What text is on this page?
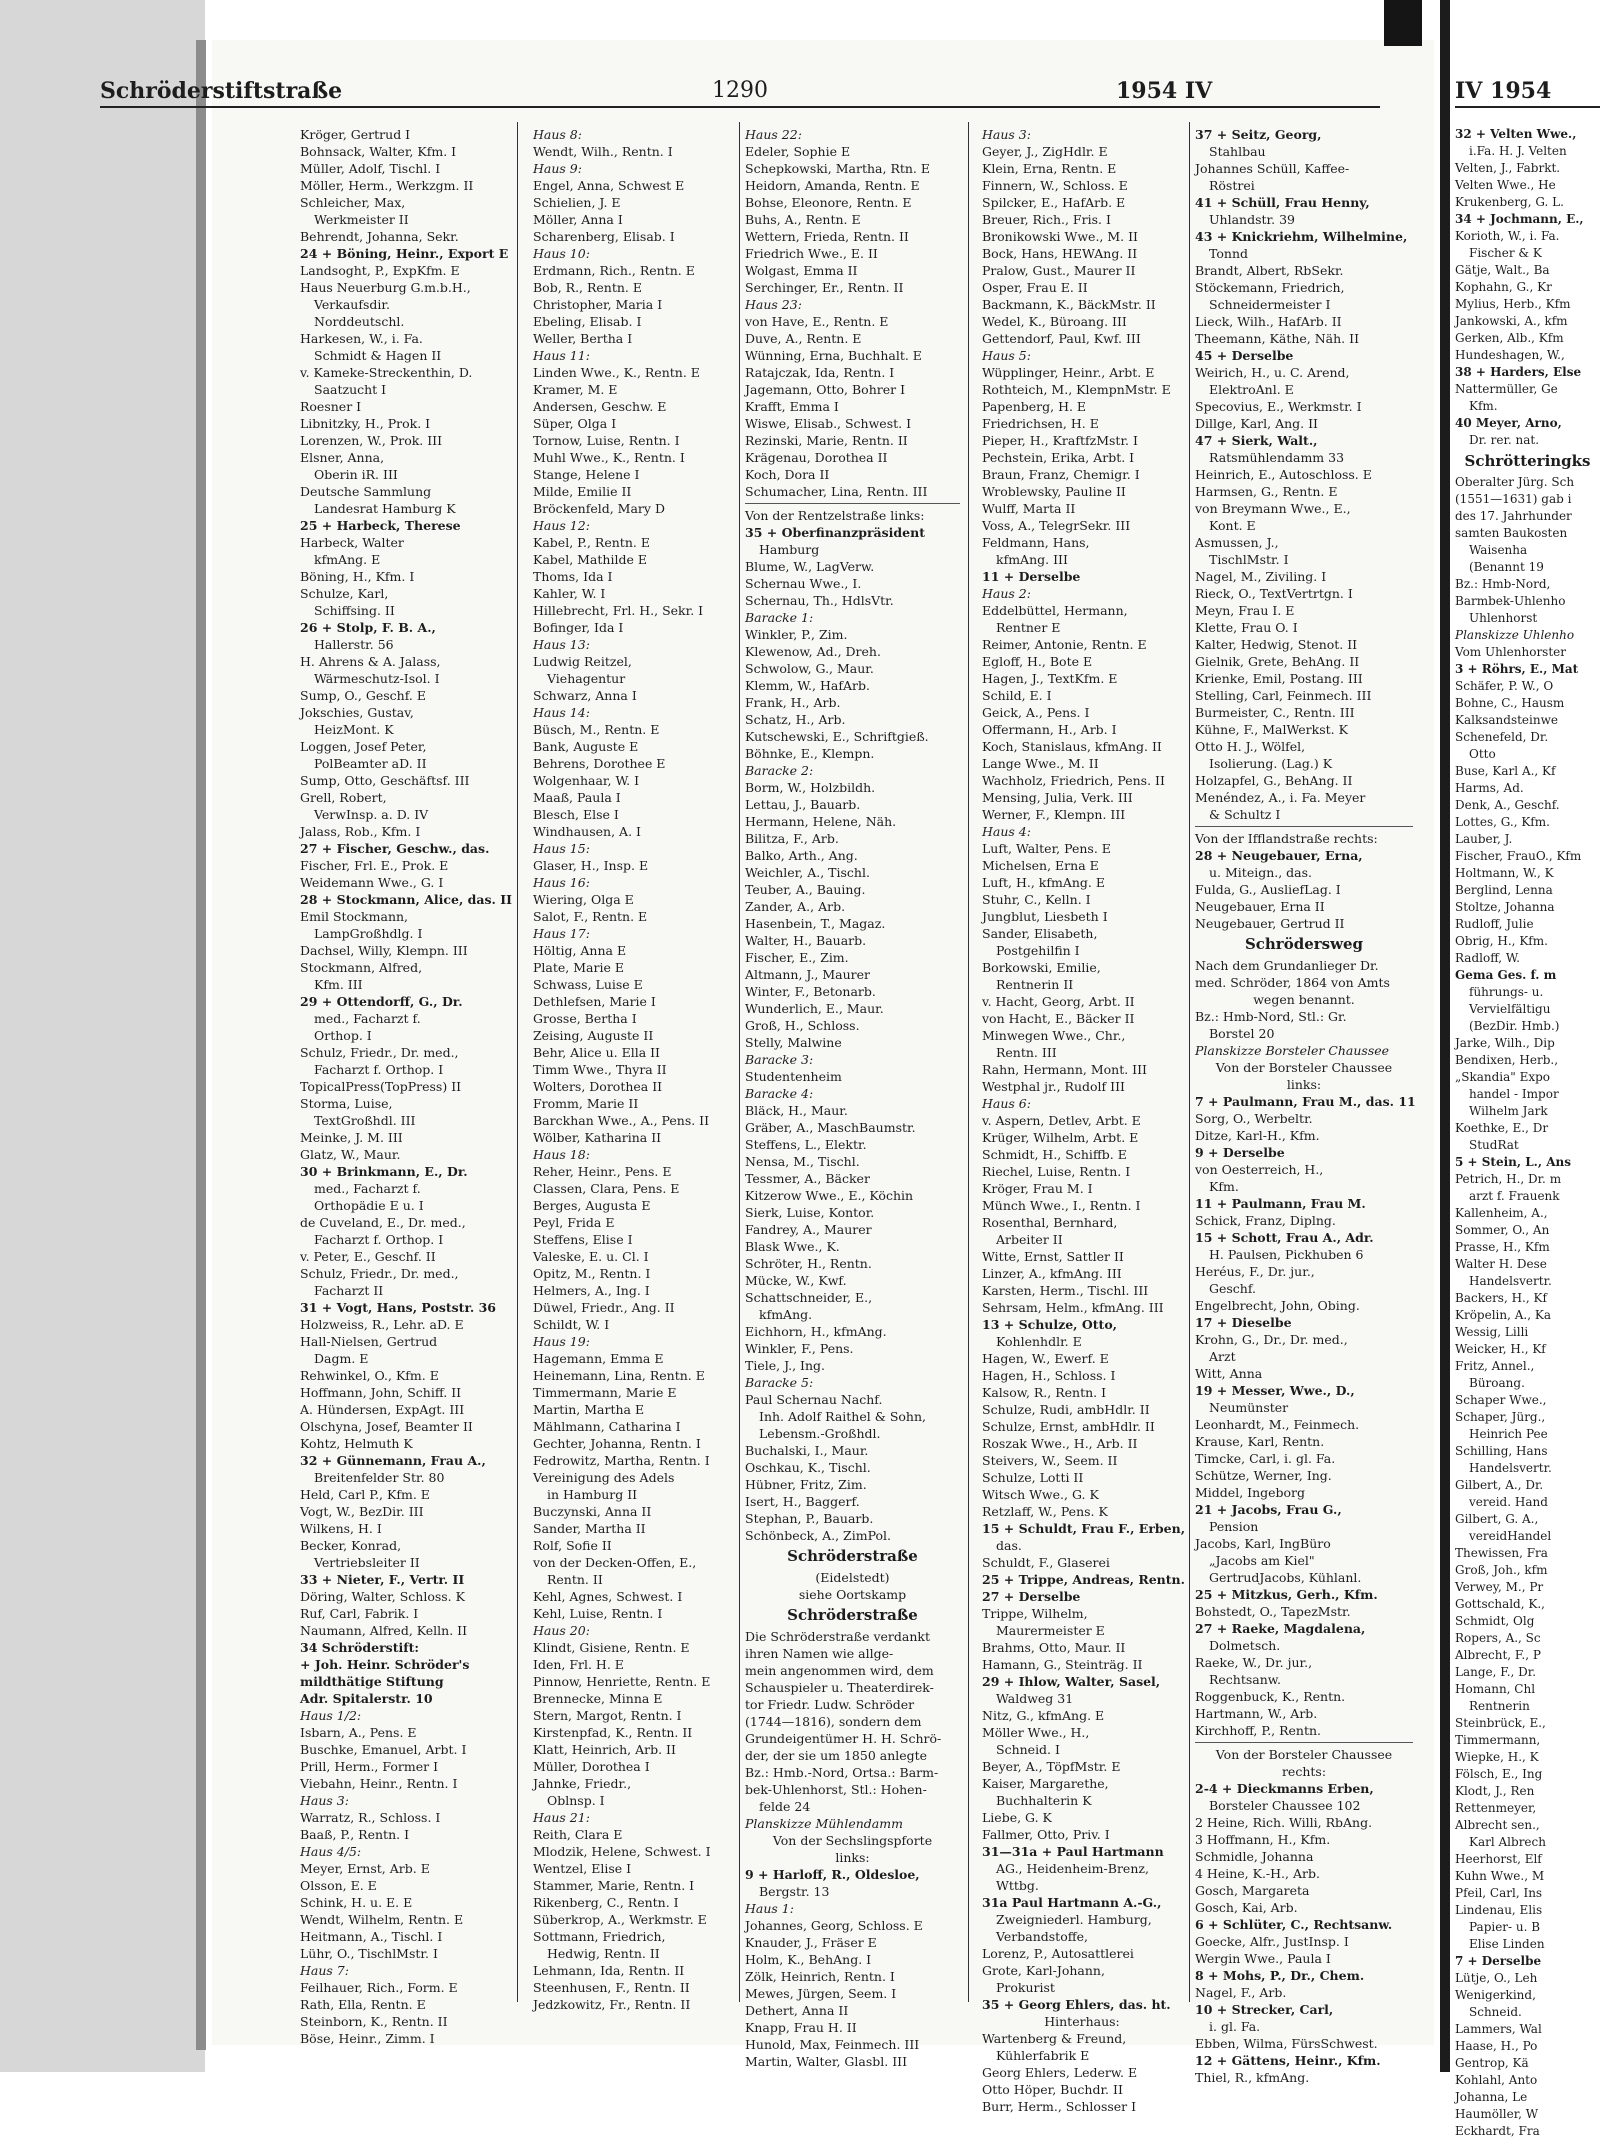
Schröderstiftstraße	1290	1954 IV	IV 1954
Kröger, Gertrud I
Bohnsack, Walter, Kfm. I
Müller, Adolf, Tischl. I
Möller, Herm., Werkzgm. II
Schleicher, Max,
Werkmeister II
Behrendt, Johanna, Sekr.
24 + Böning, Heinr., Export E
Landsoght, P., ExpKfm. E
Haus Neuerburg G.m.b.H.,
Verkaufsdir.
Norddeutschl.
Harkesen, W., i. Fa.
Schmidt & Hagen II
v. Kameke-Streckenthin, D.
Saatzucht I
Roesner I
Libnitzky, H., Prok. I
Lorenzen, W., Prok. III
Elsner, Anna,
Oberin iR. III
Deutsche Sammlung
Landesrat Hamburg K
25 + Harbeck, Therese
Harbeck, Walter
kfmAng. E
Böning, H., Kfm. I
Schulze, Karl,
Schiffsing. II
26 + Stolp, F. B. A.,
Hallerstr. 56
H. Ahrens & A. Jalass,
Wärmeschutz-Isol. I
Sump, O., Geschf. E
Jokschies, Gustav,
HeizMont. K
Loggen, Josef Peter,
PolBeamter aD. II
Sump, Otto, Geschäftsf. III
Grell, Robert,
VerwInsp. a. D. IV
Jalass, Rob., Kfm. I
27 + Fischer, Geschw., das.
Fischer, Frl. E., Prok. E
Weidemann Wwe., G. I
28 + Stockmann, Alice, das. II
Emil Stockmann,
LampGroßhdlg. I
Dachsel, Willy, Klempn. III
Stockmann, Alfred,
Kfm. III
29 + Ottendorff, G., Dr.
med., Facharzt f.
Orthop. I
Schulz, Friedr., Dr. med.,
Facharzt f. Orthop. I
TopicalPress(TopPress) II
Storma, Luise,
TextGroßhdl. III
Meinke, J. M. III
Glatz, W., Maur.
30 + Brinkmann, E., Dr.
med., Facharzt f.
Orthopädie E u. I
de Cuveland, E., Dr. med.,
Facharzt f. Orthop. I
v. Peter, E., Geschf. II
Schulz, Friedr., Dr. med.,
Facharzt II
31 + Vogt, Hans, Poststr. 36
Holzweiss, R., Lehr. aD. E
Hall-Nielsen, Gertrud
Dagm. E
Rehwinkel, O., Kfm. E
Hoffmann, John, Schiff. II
A. Hündersen, ExpAgt. III
Olschyna, Josef, Beamter II
Kohtz, Helmuth K
32 + Günnemann, Frau A.,
Breitenfelder Str. 80
Held, Carl P., Kfm. E
Vogt, W., BezDir. III
Wilkens, H. I
Becker, Konrad,
Vertriebsleiter II
33 + Nieter, F., Vertr. II
Döring, Walter, Schloss. K
Ruf, Carl, Fabrik. I
Naumann, Alfred, Kelln. II
34 Schröderstift:
+ Joh. Heinr. Schröder's
mildthätige Stiftung
Adr. Spitalerstr. 10
Haus 1/2:
Isbarn, A., Pens. E
Buschke, Emanuel, Arbt. I
Prill, Herm., Former I
Viebahn, Heinr., Rentn. I
Haus 3:
Warratz, R., Schloss. I
Baaß, P., Rentn. I
Haus 4/5:
Meyer, Ernst, Arb. E
Olsson, E. E
Schink, H. u. E. E
Wendt, Wilhelm, Rentn. E
Heitmann, A., Tischl. I
Lühr, O., TischlMstr. I
Haus 7:
Feilhauer, Rich., Form. E
Rath, Ella, Rentn. E
Steinborn, K., Rentn. II
Böse, Heinr., Zimm. I
Haus 8:
Wendt, Wilh., Rentn. I
Haus 9:
Engel, Anna, Schwest E
Schielien, J. E
Möller, Anna I
Scharenberg, Elisab. I
Haus 10:
Erdmann, Rich., Rentn. E
Bob, R., Rentn. E
Christopher, Maria I
Ebeling, Elisab. I
Weller, Bertha I
Haus 11:
Linden Wwe., K., Rentn. E
Kramer, M. E
Andersen, Geschw. E
Süper, Olga I
Tornow, Luise, Rentn. I
Muhl Wwe., K., Rentn. I
Stange, Helene I
Milde, Emilie II
Bröckenfeld, Mary D
Haus 12:
Kabel, P., Rentn. E
Kabel, Mathilde E
Thoms, Ida I
Kahler, W. I
Hillebrecht, Frl. H., Sekr. I
Bofinger, Ida I
Haus 13:
Ludwig Reitzel,
Viehagentur
Schwarz, Anna I
Haus 14:
Büsch, M., Rentn. E
Bank, Auguste E
Behrens, Dorothee E
Wolgenhaar, W. I
Maaß, Paula I
Blesch, Else I
Windhausen, A. I
Haus 15:
Glaser, H., Insp. E
Haus 16:
Wiering, Olga E
Salot, F., Rentn. E
Haus 17:
Höltig, Anna E
Plate, Marie E
Schwass, Luise E
Dethlefsen, Marie I
Grosse, Bertha I
Zeising, Auguste II
Behr, Alice u. Ella II
Timm Wwe., Thyra II
Wolters, Dorothea II
Fromm, Marie II
Barckhan Wwe., A., Pens. II
Wölber, Katharina II
Haus 18:
Reher, Heinr., Pens. E
Classen, Clara, Pens. E
Berges, Augusta E
Peyl, Frida E
Steffens, Elise I
Valeske, E. u. Cl. I
Opitz, M., Rentn. I
Helmers, A., Ing. I
Düwel, Friedr., Ang. II
Schildt, W. I
Haus 19:
Hagemann, Emma E
Heinemann, Lina, Rentn. E
Timmermann, Marie E
Martin, Martha E
Mählmann, Catharina I
Gechter, Johanna, Rentn. I
Fedrowitz, Martha, Rentn. I
Vereinigung des Adels
in Hamburg II
Buczynski, Anna II
Sander, Martha II
Rolf, Sofie II
von der Decken-Offen, E.,
Rentn. II
Kehl, Agnes, Schwest. I
Kehl, Luise, Rentn. I
Haus 20:
Klindt, Gisiene, Rentn. E
Iden, Frl. H. E
Pinnow, Henriette, Rentn. E
Brennecke, Minna E
Stern, Margot, Rentn. I
Kirstenpfad, K., Rentn. II
Klatt, Heinrich, Arb. II
Müller, Dorothea I
Jahnke, Friedr.,
Oblnsp. I
Haus 21:
Reith, Clara E
Mlodzik, Helene, Schwest. I
Wentzel, Elise I
Stammer, Marie, Rentn. I
Rikenberg, C., Rentn. I
Süberkrop, A., Werkmstr. E
Sottmann, Friedrich,
Hedwig, Rentn. II
Lehmann, Ida, Rentn. II
Steenhusen, F., Rentn. II
Jedzkowitz, Fr., Rentn. II
Haus 22:
Edeler, Sophie E
Schepkowski, Martha, Rtn. E
Heidorn, Amanda, Rentn. E
Bohse, Eleonore, Rentn. E
Buhs, A., Rentn. E
Wettern, Frieda, Rentn. II
Friedrich Wwe., E. II
Wolgast, Emma II
Serchinger, Er., Rentn. II
Haus 23:
von Have, E., Rentn. E
Duve, A., Rentn. E
Wünning, Erna, Buchhalt. E
Ratajczak, Ida, Rentn. I
Jagemann, Otto, Bohrer I
Krafft, Emma I
Wiswe, Elisab., Schwest. I
Rezinski, Marie, Rentn. II
Krägenau, Dorothea II
Koch, Dora II
Schumacher, Lina, Rentn. III
Von der Rentzelstraße links:
35 + Oberfinanzpräsident
Hamburg
Blume, W., LagVerw.
Schernau Wwe., I.
Schernau, Th., HdlsVtr.
Baracke 1:
Winkler, P., Zim.
Klewenow, Ad., Dreh.
Schwolow, G., Maur.
Klemm, W., HafArb.
Frank, H., Arb.
Schatz, H., Arb.
Kutschewski, E., Schriftgieß.
Böhnke, E., Klempn.
Baracke 2:
Borm, W., Holzbildh.
Lettau, J., Bauarb.
Hermann, Helene, Näh.
Bilitza, F., Arb.
Balko, Arth., Ang.
Weichler, A., Tischl.
Teuber, A., Bauing.
Zander, A., Arb.
Hasenbein, T., Magaz.
Walter, H., Bauarb.
Fischer, E., Zim.
Altmann, J., Maurer
Winter, F., Betonarb.
Wunderlich, E., Maur.
Groß, H., Schloss.
Stelly, Malwine
Baracke 3:
Studentenheim
Baracke 4:
Bläck, H., Maur.
Gräber, A., MaschBaumstr.
Steffens, L., Elektr.
Nensa, M., Tischl.
Tessmer, A., Bäcker
Kitzerow Wwe., E., Köchin
Sierk, Luise, Kontor.
Fandrey, A., Maurer
Blask Wwe., K.
Schröter, H., Rentn.
Mücke, W., Kwf.
Schattschneider, E.,
kfmAng.
Eichhorn, H., kfmAng.
Winkler, F., Pens.
Tiele, J., Ing.
Baracke 5:
Paul Schernau Nachf.
Inh. Adolf Raithel & Sohn,
Lebensm.-Großhdl.
Buchalski, I., Maur.
Oschkau, K., Tischl.
Hübner, Fritz, Zim.
Isert, H., Baggerf.
Stephan, P., Bauarb.
Schönbeck, A., ZimPol.
Schröderstraße
(Eidelstedt)
siehe Oortskamp
Schröderstraße
Die Schröderstraße verdankt
ihren Namen wie allge-
mein angenommen wird, dem
Schauspieler u. Theaterdirek-
tor Friedr. Ludw. Schröder
(1744—1816), sondern dem
Grundeigentümer H. H. Schrö-
der, der sie um 1850 anlegte
Bz.: Hmb.-Nord, Ortsa.: Barm-
bek-Uhlenhorst, Stl.: Hohen-
felde 24
Planskizze Mühlendamm
Von der Sechslingspforte
links:
9 + Harloff, R., Oldesloe,
Bergstr. 13
Haus 1:
Johannes, Georg, Schloss. E
Knauder, J., Fräser E
Holm, K., BehAng. I
Zölk, Heinrich, Rentn. I
Mewes, Jürgen, Seem. I
Dethert, Anna II
Knapp, Frau H. II
Hunold, Max, Feinmech. III
Martin, Walter, Glasbl. III
Haus 3:
Geyer, J., ZigHdlr. E
Klein, Erna, Rentn. E
Finnern, W., Schloss. E
Spilcker, E., HafArb. E
Breuer, Rich., Fris. I
Bronikowski Wwe., M. II
Bock, Hans, HEWAng. II
Pralow, Gust., Maurer II
Osper, Frau E. II
Backmann, K., BäckMstr. II
Wedel, K., Büroang. III
Gettendorf, Paul, Kwf. III
Haus 5:
Wüpplinger, Heinr., Arbt. E
Rothteich, M., KlempnMstr. E
Papenberg, H. E
Friedrichsen, H. E
Pieper, H., KraftfzMstr. I
Pechstein, Erika, Arbt. I
Braun, Franz, Chemigr. I
Wroblewsky, Pauline II
Wulff, Marta II
Voss, A., TelegrSekr. III
Feldmann, Hans,
kfmAng. III
11 + Derselbe
Haus 2:
Eddelbüttel, Hermann,
Rentner E
Reimer, Antonie, Rentn. E
Egloff, H., Bote E
Hagen, J., TextKfm. E
Schild, E. I
Geick, A., Pens. I
Offermann, H., Arb. I
Koch, Stanislaus, kfmAng. II
Lange Wwe., M. II
Wachholz, Friedrich, Pens. II
Mensing, Julia, Verk. III
Werner, F., Klempn. III
Haus 4:
Luft, Walter, Pens. E
Michelsen, Erna E
Luft, H., kfmAng. E
Stuhr, C., Kelln. I
Jungblut, Liesbeth I
Sander, Elisabeth,
Postgehilfin I
Borkowski, Emilie,
Rentnerin II
v. Hacht, Georg, Arbt. II
von Hacht, E., Bäcker II
Minwegen Wwe., Chr.,
Rentn. III
Rahn, Hermann, Mont. III
Westphal jr., Rudolf III
Haus 6:
v. Aspern, Detlev, Arbt. E
Krüger, Wilhelm, Arbt. E
Schmidt, H., Schiffb. E
Riechel, Luise, Rentn. I
Kröger, Frau M. I
Münch Wwe., I., Rentn. I
Rosenthal, Bernhard,
Arbeiter II
Witte, Ernst, Sattler II
Linzer, A., kfmAng. III
Karsten, Herm., Tischl. III
Sehrsam, Helm., kfmAng. III
13 + Schulze, Otto,
Kohlenhdlr. E
Hagen, W., Ewerf. E
Hagen, H., Schloss. I
Kalsow, R., Rentn. I
Schulze, Rudi, ambHdlr. II
Schulze, Ernst, ambHdlr. II
Roszak Wwe., H., Arb. II
Steivers, W., Seem. II
Schulze, Lotti II
Witsch Wwe., G. K
Retzlaff, W., Pens. K
15 + Schuldt, Frau F., Erben,
das.
Schuldt, F., Glaserei
25 + Trippe, Andreas, Rentn.
27 + Derselbe
Trippe, Wilhelm,
Maurermeister E
Brahms, Otto, Maur. II
Hamann, G., Steinträg. II
29 + Ihlow, Walter, Sasel,
Waldweg 31
Nitz, G., kfmAng. E
Möller Wwe., H.,
Schneid. I
Beyer, A., TöpfMstr. E
Kaiser, Margarethe,
Buchhalterin K
Liebe, G. K
Fallmer, Otto, Priv. I
31—31a + Paul Hartmann
AG., Heidenheim-Brenz,
Wttbg.
31a Paul Hartmann A.-G.,
Zweigniederl. Hamburg,
Verbandstoffe,
Lorenz, P., Autosattlerei
Grote, Karl-Johann,
Prokurist
35 + Georg Ehlers, das. ht.
Hinterhaus:
Wartenberg & Freund,
Kühlerfabrik E
Georg Ehlers, Lederw. E
Otto Höper, Buchdr. II
Burr, Herm., Schlosser I
37 + Seitz, Georg,
Stahlbau
Johannes Schüll, Kaffee-
Röstrei
41 + Schüll, Frau Henny,
Uhlandstr. 39
43 + Knickriehm, Wilhelmine,
Tonnd
Brandt, Albert, RbSekr.
Stöckemann, Friedrich,
Schneidermeister I
Lieck, Wilh., HafArb. II
Theemann, Käthe, Näh. II
45 + Derselbe
Weirich, H., u. C. Arend,
ElektroAnl. E
Specovius, E., Werkmstr. I
Dillge, Karl, Ang. II
47 + Sierk, Walt.,
Ratsmühlendamm 33
Heinrich, E., Autoschloss. E
Harmsen, G., Rentn. E
von Breymann Wwe., E.,
Kont. E
Asmussen, J.,
TischlMstr. I
Nagel, M., Ziviling. I
Rieck, O., TextVertrtgn. I
Meyn, Frau I. E
Klette, Frau O. I
Kalter, Hedwig, Stenot. II
Gielnik, Grete, BehAng. II
Krienke, Emil, Postang. III
Stelling, Carl, Feinmech. III
Burmeister, C., Rentn. III
Kühne, F., MalWerkst. K
Otto H. J., Wölfel,
Isolierung. (Lag.) K
Holzapfel, G., BehAng. II
Menéndez, A., i. Fa. Meyer
& Schultz I
Von der Ifflandstraße rechts:
28 + Neugebauer, Erna,
u. Miteign., das.
Fulda, G., AusliefLag. I
Neugebauer, Erna II
Neugebauer, Gertrud II
Schrödersweg
Nach dem Grundanlieger Dr.
med. Schröder, 1864 von Amts
wegen benannt.
Bz.: Hmb-Nord, Stl.: Gr.
Borstel 20
Planskizze Borsteler Chaussee
Von der Borsteler Chaussee
links:
7 + Paulmann, Frau M., das. 11
Sorg, O., Werbeltr.
Ditze, Karl-H., Kfm.
9 + Derselbe
von Oesterreich, H.,
Kfm.
11 + Paulmann, Frau M.
Schick, Franz, Diplng.
15 + Schott, Frau A., Adr.
H. Paulsen, Pickhuben 6
Heréus, F., Dr. jur.,
Geschf.
Engelbrecht, John, Obing.
17 + Dieselbe
Krohn, G., Dr., Dr. med.,
Arzt
Witt, Anna
19 + Messer, Wwe., D.,
Neumünster
Leonhardt, M., Feinmech.
Krause, Karl, Rentn.
Timcke, Carl, i. gl. Fa.
Schütze, Werner, Ing.
Middel, Ingeborg
21 + Jacobs, Frau G.,
Pension
Jacobs, Karl, IngBüro
„Jacobs am Kiel"
GertrudJacobs, Kühlanl.
25 + Mitzkus, Gerh., Kfm.
Bohstedt, O., TapezMstr.
27 + Raeke, Magdalena,
Dolmetsch.
Raeke, W., Dr. jur.,
Rechtsanw.
Roggenbuck, K., Rentn.
Hartmann, W., Arb.
Kirchhoff, P., Rentn.
Von der Borsteler Chaussee
rechts:
2-4 + Dieckmanns Erben,
Borsteler Chaussee 102
2 Heine, Rich. Willi, RbAng.
3 Hoffmann, H., Kfm.
Schmidle, Johanna
4 Heine, K.-H., Arb.
Gosch, Margareta
Gosch, Kai, Arb.
6 + Schlüter, C., Rechtsanw.
Goecke, Alfr., JustInsp. I
Wergin Wwe., Paula I
8 + Mohs, P., Dr., Chem.
Nagel, F., Arb.
10 + Strecker, Carl,
i. gl. Fa.
Ebben, Wilma, FürsSchwest.
12 + Gättens, Heinr., Kfm.
Thiel, R., kfmAng.
32 + Velten Wwe.,
i.Fa. H. J. Velten
Velten, J., Fabrkt.
Velten Wwe., He
Krukenberg, G. L.
34 + Jochmann, E.,
Korioth, W., i. Fa.
Fischer & K
Gätje, Walt., Ba
Kophahn, G., Kr
Mylius, Herb., Kfm
Jankowski, A., kfm
Gerken, Alb., Kfm
Hundeshagen, W.,
38 + Harders, Else
Nattermüller, Ge
Kfm.
40 Meyer, Arno,
Dr. rer. nat.
Schrötteringks
Oberalter Jürg. Sch
(1551—1631) gab i
des 17. Jahrhunder
samten Baukosten
Waisenha
(Benannt 19
Bz.: Hmb-Nord,
Barmbek-Uhlenho
Uhlenhorst
Planskizze Uhlenho
Vom Uhlenhorster
3 + Röhrs, E., Mat
Schäfer, P. W., O
Bohne, C., Hausm
Kalksandsteinwe
Schenefeld, Dr.
Otto
Buse, Karl A., Kf
Harms, Ad.
Denk, A., Geschf.
Lottes, G., Kfm.
Lauber, J.
Fischer, FrauO., Kfm
Holtmann, W., K
Berglind, Lenna
Stoltze, Johanna
Rudloff, Julie
Obrig, H., Kfm.
Radloff, W.
Gema Ges. f. m
führungs- u.
Vervielfältigu
(BezDir. Hmb.)
Jarke, Wilh., Dip
Bendixen, Herb.,
„Skandia" Expo
handel - Impor
Wilhelm Jark
Koethke, E., Dr
StudRat
5 + Stein, L., Ans
Petrich, H., Dr. m
arzt f. Frauenk
Kallenheim, A.,
Sommer, O., An
Prasse, H., Kfm
Walter H. Dese
Handelsvertr.
Backers, H., Kf
Kröpelin, A., Ka
Wessig, Lilli
Weicker, H., Kf
Fritz, Annel.,
Büroang.
Schaper Wwe.,
Schaper, Jürg.,
Heinrich Pee
Schilling, Hans
Handelsvertr.
Gilbert, A., Dr.
vereid. Hand
Gilbert, G. A.,
vereidHandel
Thewissen, Fra
Groß, Joh., kfm
Verwey, M., Pr
Gottschald, K.,
Schmidt, Olg
Ropers, A., Sc
Albrecht, F., P
Lange, F., Dr.
Homann, Chl
Rentnerin
Steinbrück, E.,
Timmermann,
Wiepke, H., K
Fölsch, E., Ing
Klodt, J., Ren
Rettenmeyer,
Albrecht sen.,
Karl Albrech
Heerhorst, Elf
Kuhn Wwe., M
Pfeil, Carl, Ins
Lindenau, Elis
Papier- u. B
Elise Linden
7 + Derselbe
Lütje, O., Leh
Wenigerkind,
Schneid.
Lammers, Wal
Haase, H., Po
Gentrop, Kä
Kohlahl, Anto
Johanna, Le
Haumöller, W
Eckhardt, Fra
